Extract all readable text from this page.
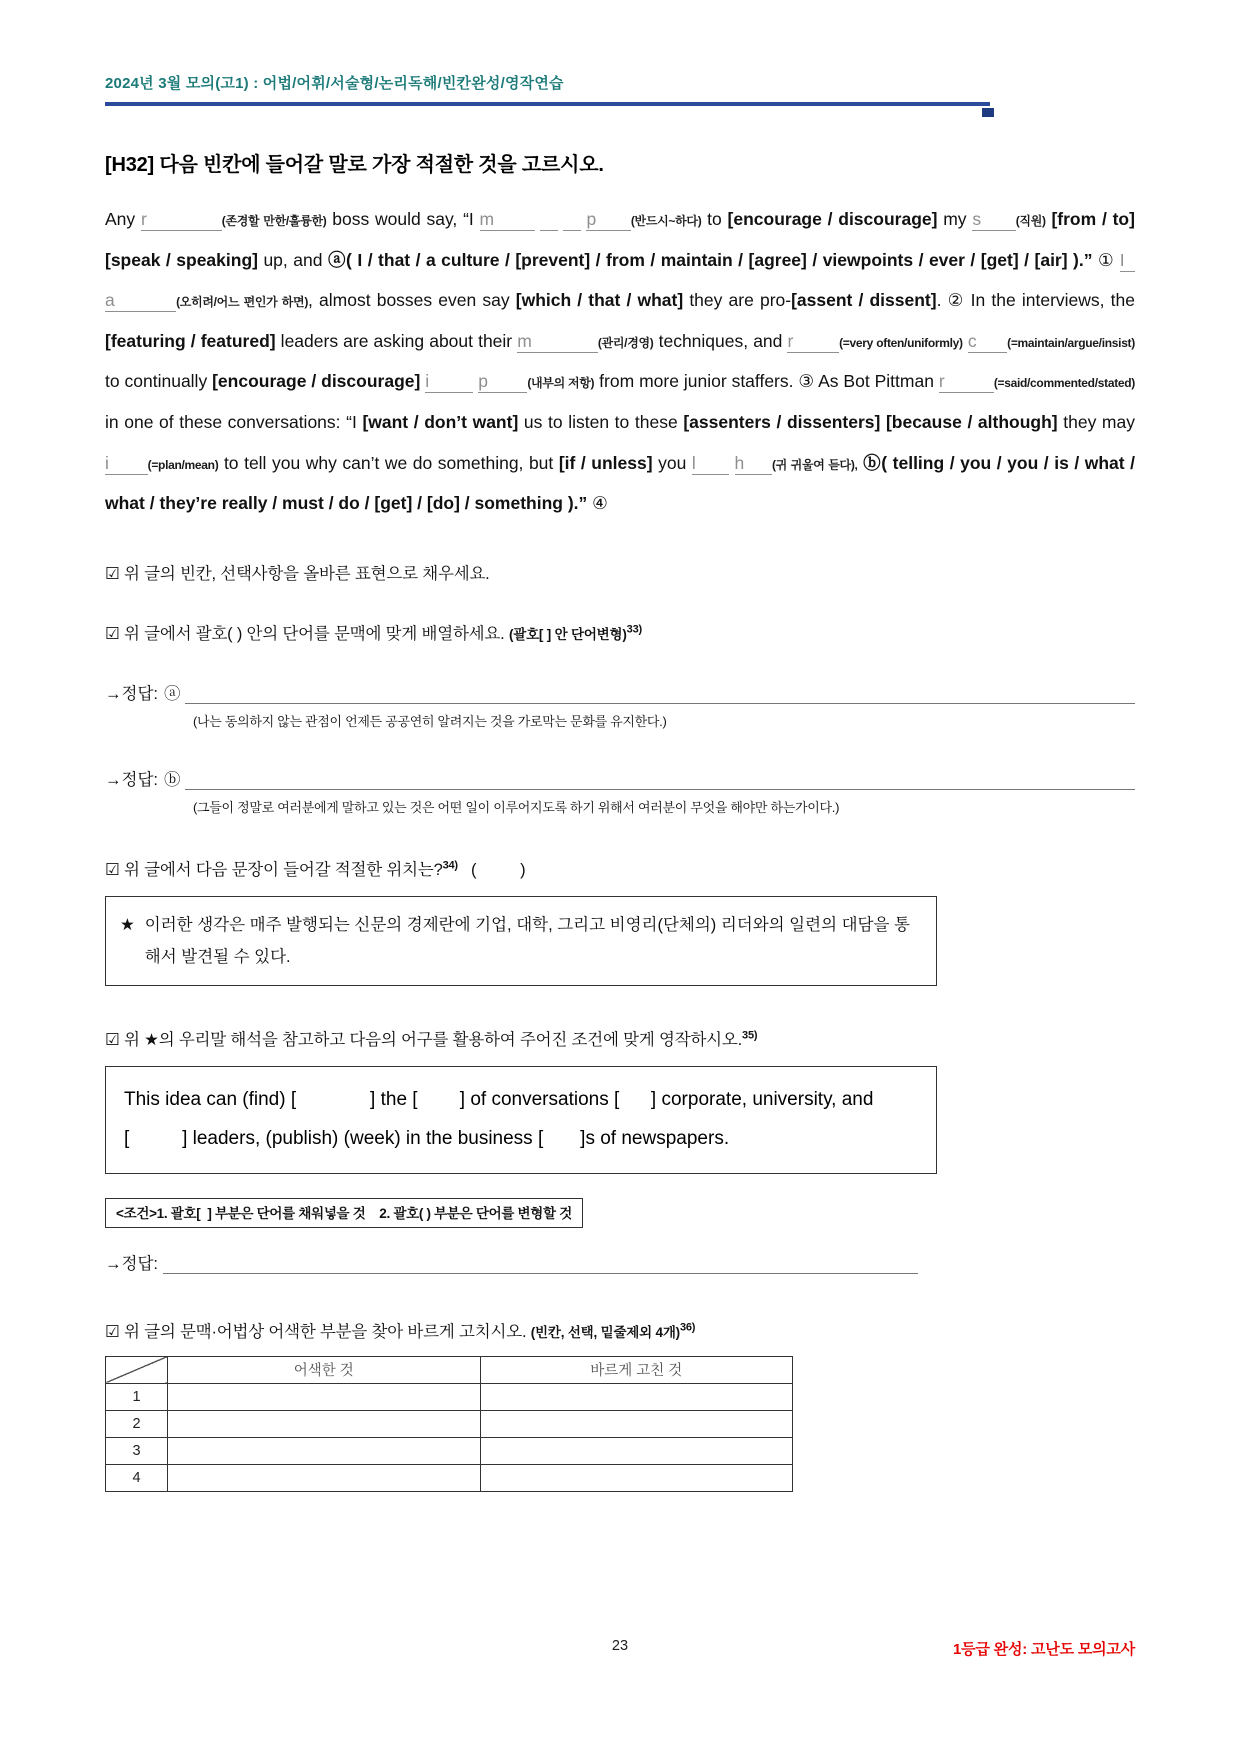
2024년 3월 모의(고1) : 어법/어휘/서술형/논리독해/빈칸완성/영작연습
[H32] 다음 빈칸에 들어갈 말로 가장 적절한 것을 고르시오.

Any r             (존경할 만한/훌륭한) boss would say, “I m	p      (반드시~하다) to [encourage / discourage] my s      (직원) [from / to] [speak / speaking] up, and ⓐ( I / that / a culture / [prevent] / from / maintain / [agree] / viewpoints / ever / [get] / [air] ).” ① I   a          (오히려/어느 편인가 하면), almost bosses even say [which / that / what] they are pro-[assent / dissent]. ② In the interviews, the [featuring / featured] leaders are asking about their m             (관리/경영) techniques, and r         (=very often/uniformly) c      (=maintain/argue/insist) to continually [encourage / discourage] i          p        (내부의 저항) from more junior staffers. ③ As Bot Pittman r          (=said/commented/stated) in one of these conversations: “I [want / don’t want] us to listen to these [assenters / dissenters] [because / although] they may i       (=plan/mean) to tell you why can’t we do something, but [if / unless] you l       h     (귀 귀울여 듣다), ⓑ( telling / you / you / is / what / what / they’re really / must / do / [get] / [do] / something ).” ④

☑ 위 글의 빈칸, 선택사항을 올바른 표현으로 채우세요.
☑ 위 글에서 괄호( ) 안의 단어를 문맥에 맞게 배열하세요. (괄호[ ] 안 단어변형)$^{33)}$
→정답: ⓐ
(나는 동의하지 않는 관점이 언제든 공공연히 알려지는 것을 가로막는 문화를 유지한다.)
→정답: ⓑ
(그들이 정말로 여러분에게 말하고 있는 것은 어떤 일이 이루어지도록 하기 위해서 여러분이 무엇을 해야만 하는가이다.)
☑ 위 글에서 다음 문장이 들어갈 적절한 위치는?$^{34)}$ (          )
★ 이러한 생각은 매주 발행되는 신문의 경제란에 기업, 대학, 그리고 비영리(단체의) 리더와의 일련의 대담을 통해서 발견될 수 있다.
☑ 위 ★의 우리말 해석을 참고하고 다음의 어구를 활용하여 주어진 조건에 맞게 영작하시오.$^{35)}$
This idea can (find) [              ] the [        ] of conversations [      ] corporate, university, and [          ] leaders, (publish) (week) in the business [       ]s of newspapers.
<조건>1. 괄호[  ] 부분은 단어를 채워넣을 것    2. 괄호( ) 부분은 단어를 변형할 것
→정답:
☑ 위 글의 문맥·어법상 어색한 부분을 찾아 바르게 고치시오. (빈칸, 선택, 밑줄제외 4개)$^{36)}$
	어색한 것	바르게 고친 것
1		
2		
3		
4		
23	1등급 완성: 고난도 모의고사
